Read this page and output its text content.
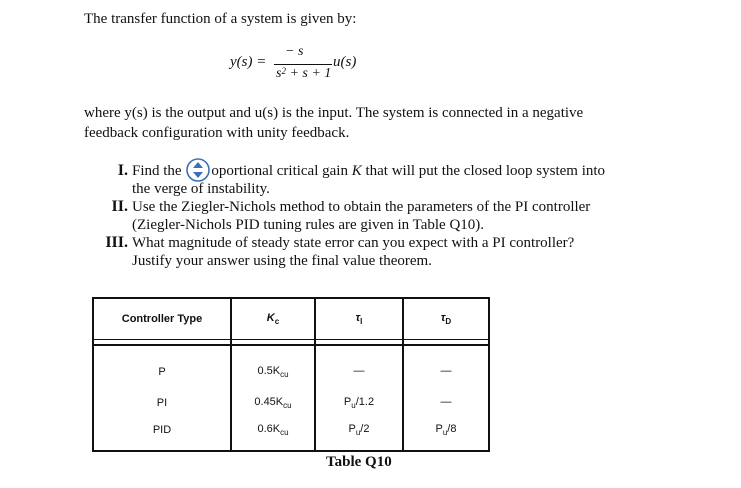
The transfer function of a system is given by:
y(s) =
− s
$s^2 + s + 1$
u(s)
where y(s) is the output and u(s) is the input. The system is connected in a negative
feedback configuration with unity feedback.
I. Find the
oportional critical gain K that will put the closed loop system into
the verge of instability.
II. Use the Ziegler-Nichols method to obtain the parameters of the PI controller
(Ziegler-Nichols PID tuning rules are given in Table Q10).
III. What magnitude of steady state error can you expect with a PI controller?
Justify your answer using the final value theorem.
Controller Type	$K_c$	$\tau_I$	$\tau_D$

P	$0.5K_{cu}$	—	—
PI	$0.45K_{cu}$	$P_u/1.2$	—
PID	$0.6K_{cu}$	$P_u/2$	$P_u/8$
Table Q10
